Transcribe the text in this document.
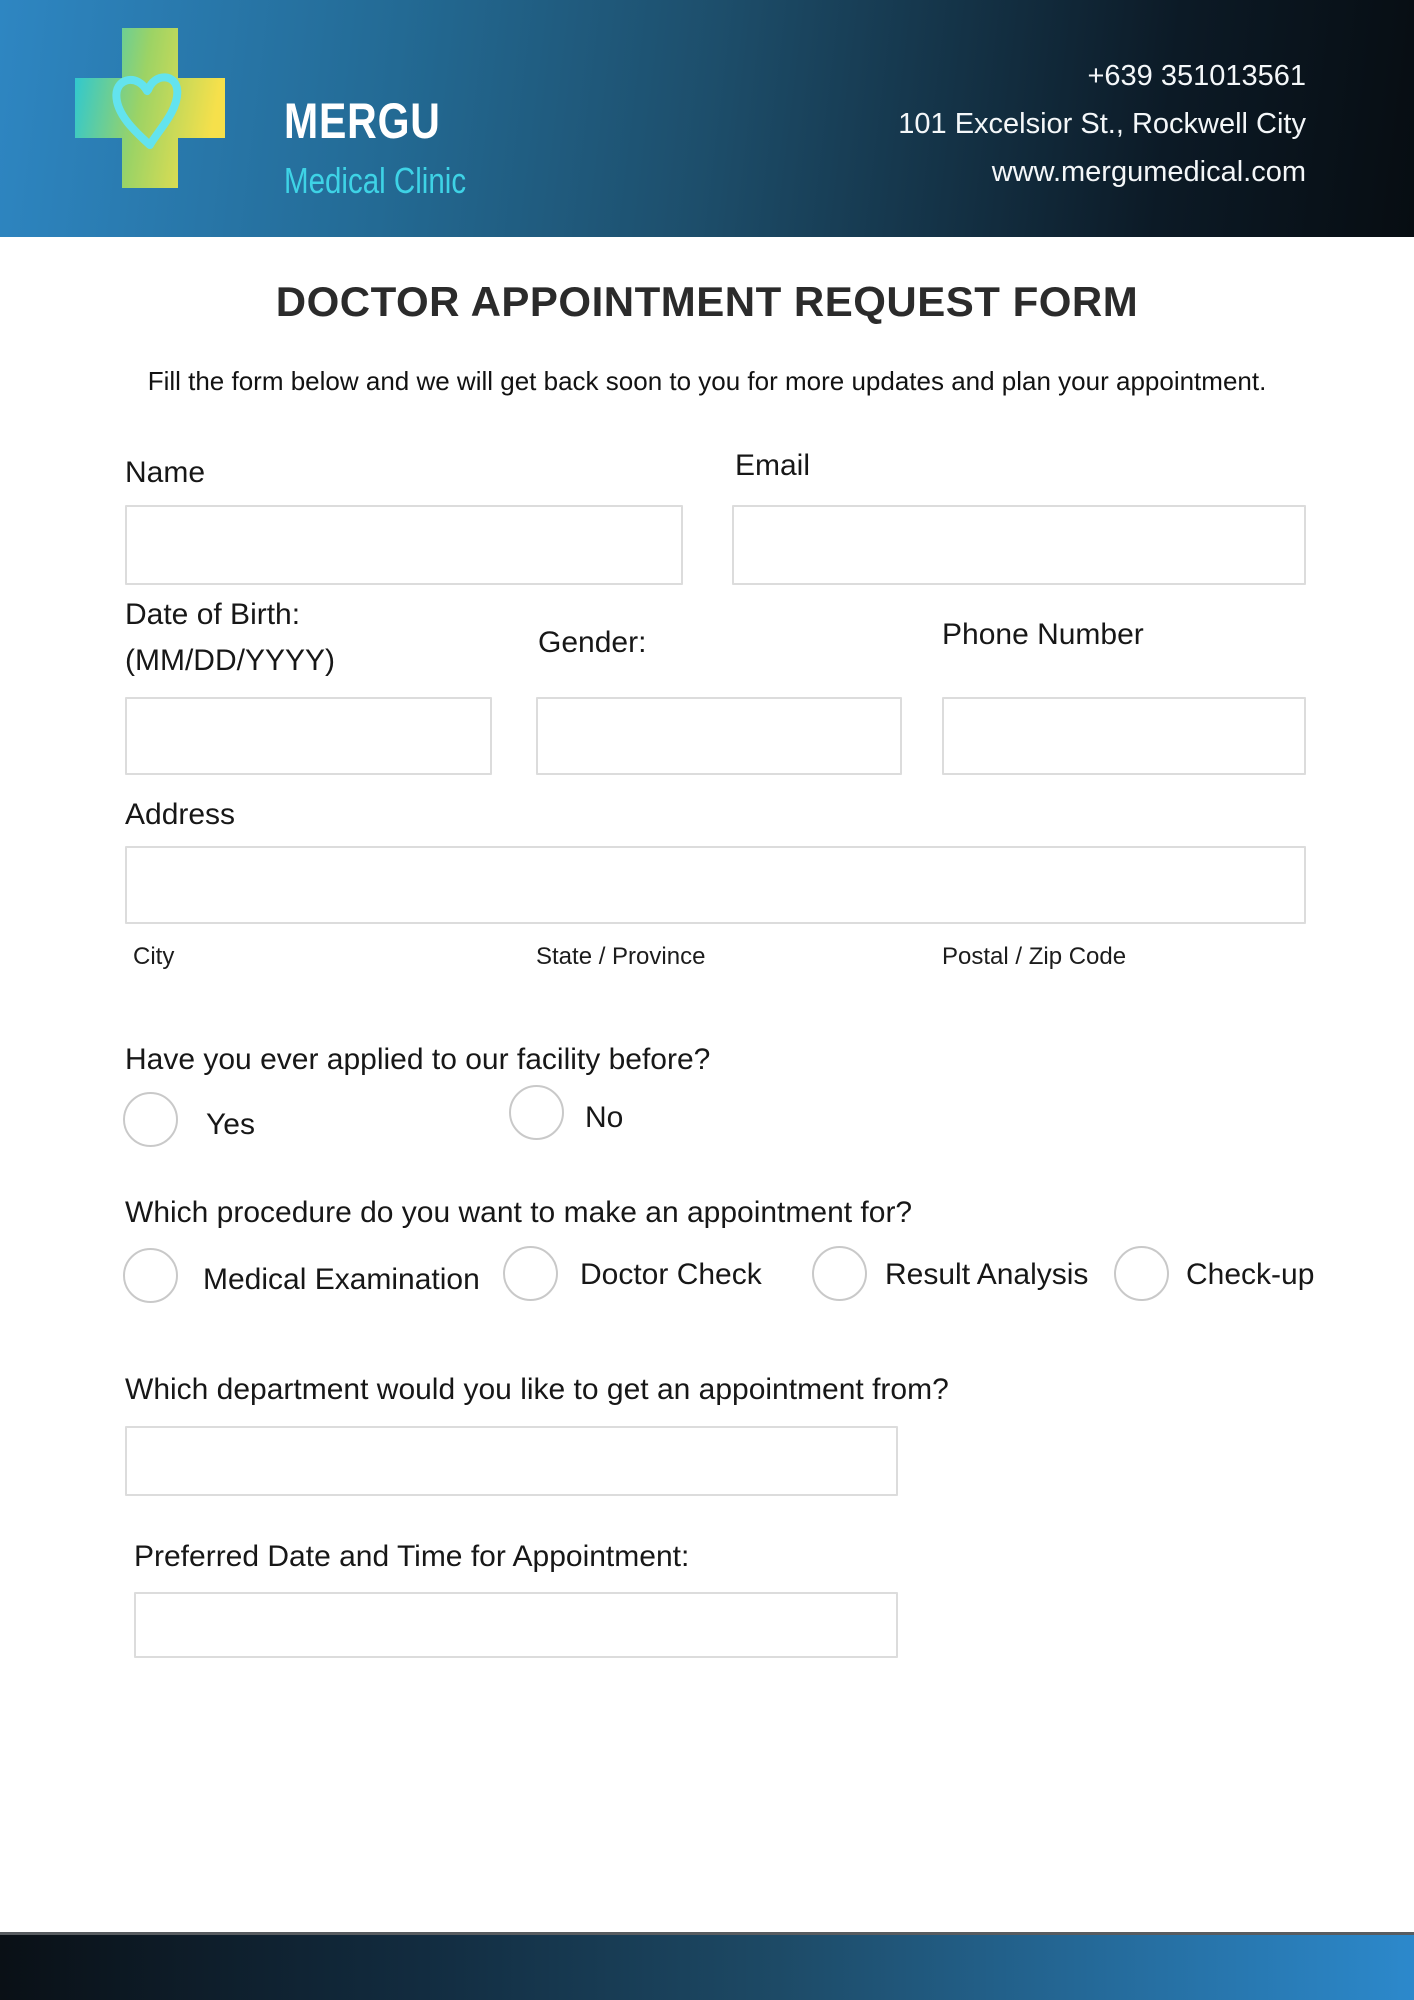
MERGU
Medical Clinic
+639 351013561
101 Excelsior St., Rockwell City
www.mergumedical.com
DOCTOR APPOINTMENT REQUEST FORM
Fill the form below and we will get back soon to you for more updates and plan your appointment.
Name	Email
Date of Birth:
(MM/DD/YYYY)
Gender:	Phone Number
Address
City	State / Province	Postal / Zip Code
Have you ever applied to our facility before?
Yes	No
Which procedure do you want to make an appointment for?
Medical Examination	Doctor Check	Result Analysis	Check-up
Which department would you like to get an appointment from?
Preferred Date and Time for Appointment:
